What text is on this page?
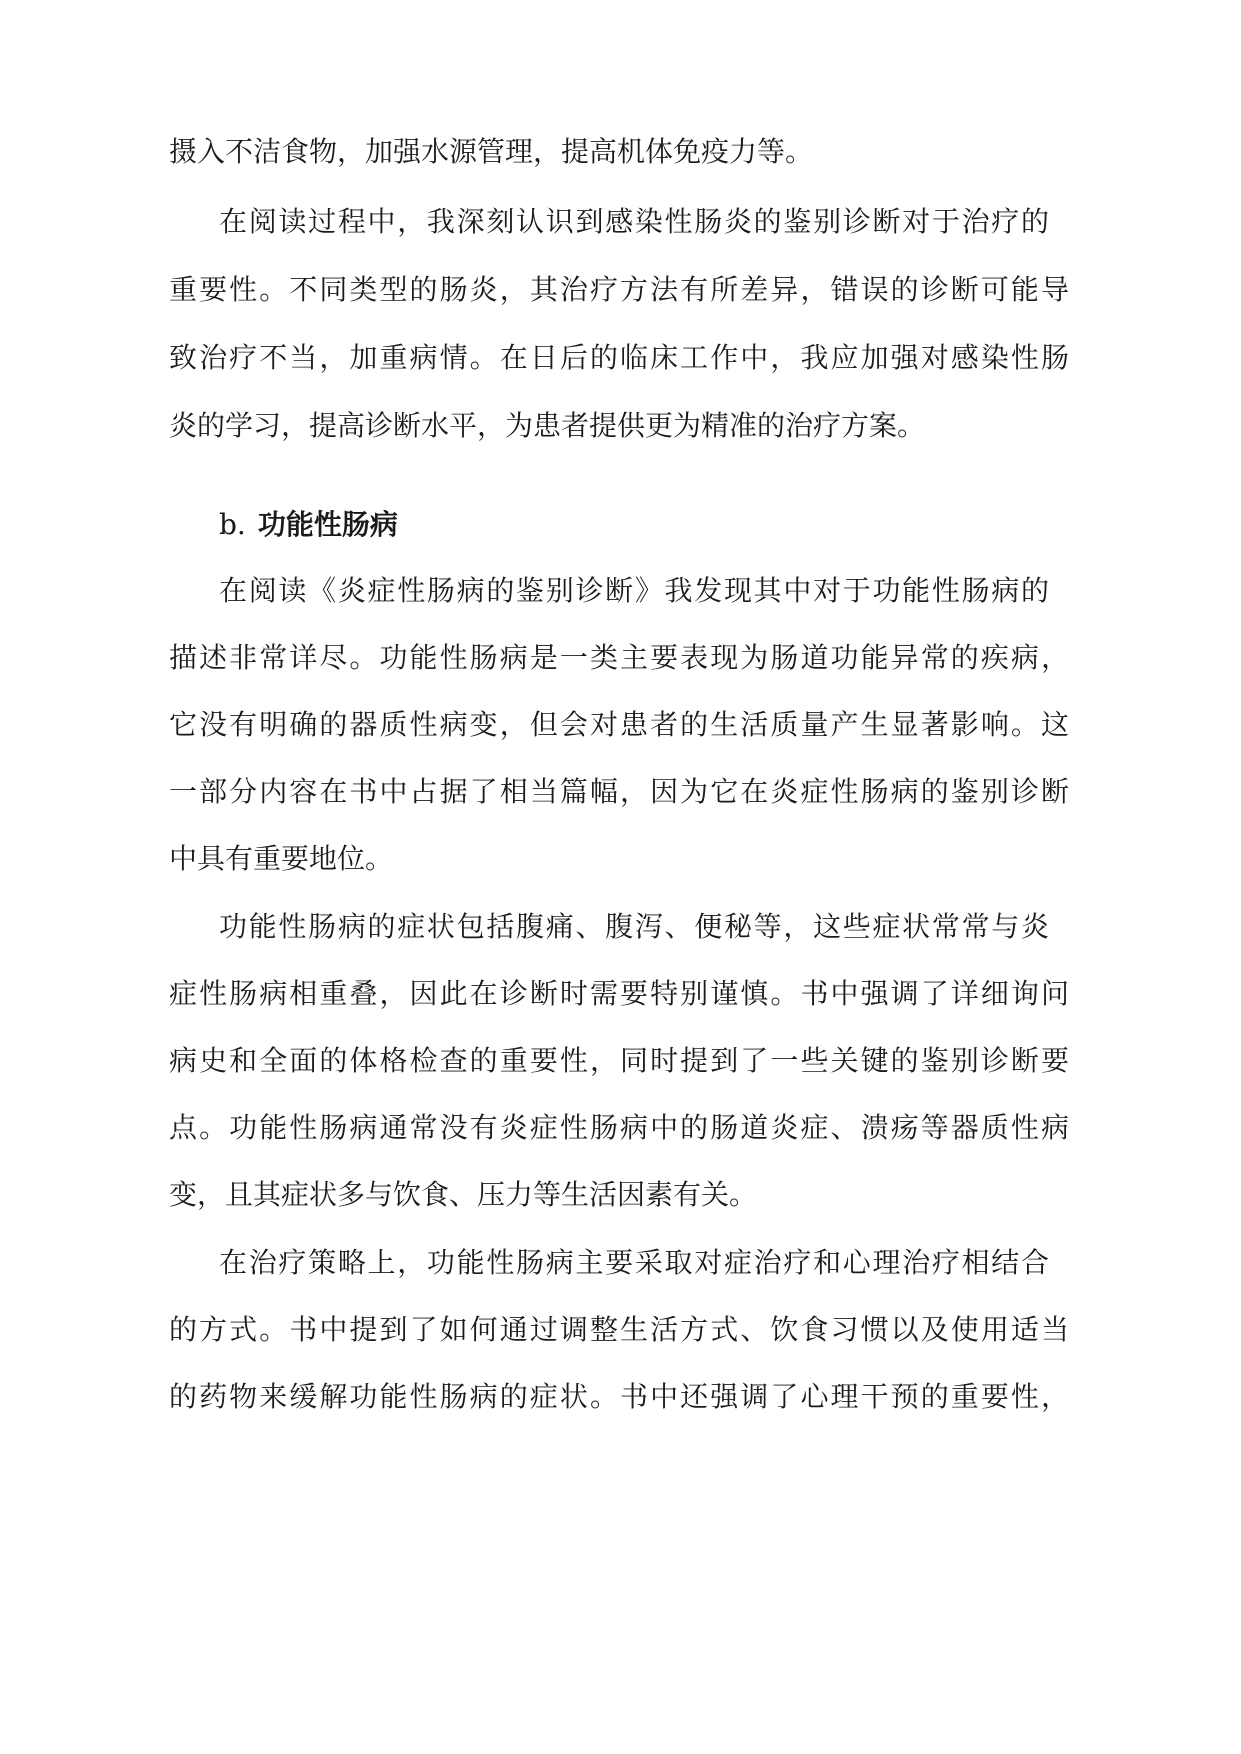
摄入不洁食物，加强水源管理，提高机体免疫力等。
在阅读过程中，我深刻认识到感染性肠炎的鉴别诊断对于治疗的
重要性。不同类型的肠炎，其治疗方法有所差异，错误的诊断可能导
致治疗不当，加重病情。在日后的临床工作中，我应加强对感染性肠
炎的学习，提高诊断水平，为患者提供更为精准的治疗方案。
b. 功能性肠病
在阅读《炎症性肠病的鉴别诊断》我发现其中对于功能性肠病的
描述非常详尽。功能性肠病是一类主要表现为肠道功能异常的疾病，
它没有明确的器质性病变，但会对患者的生活质量产生显著影响。这
一部分内容在书中占据了相当篇幅，因为它在炎症性肠病的鉴别诊断
中具有重要地位。
功能性肠病的症状包括腹痛、腹泻、便秘等，这些症状常常与炎
症性肠病相重叠，因此在诊断时需要特别谨慎。书中强调了详细询问
病史和全面的体格检查的重要性，同时提到了一些关键的鉴别诊断要
点。功能性肠病通常没有炎症性肠病中的肠道炎症、溃疡等器质性病
变，且其症状多与饮食、压力等生活因素有关。
在治疗策略上，功能性肠病主要采取对症治疗和心理治疗相结合
的方式。书中提到了如何通过调整生活方式、饮食习惯以及使用适当
的药物来缓解功能性肠病的症状。书中还强调了心理干预的重要性，
